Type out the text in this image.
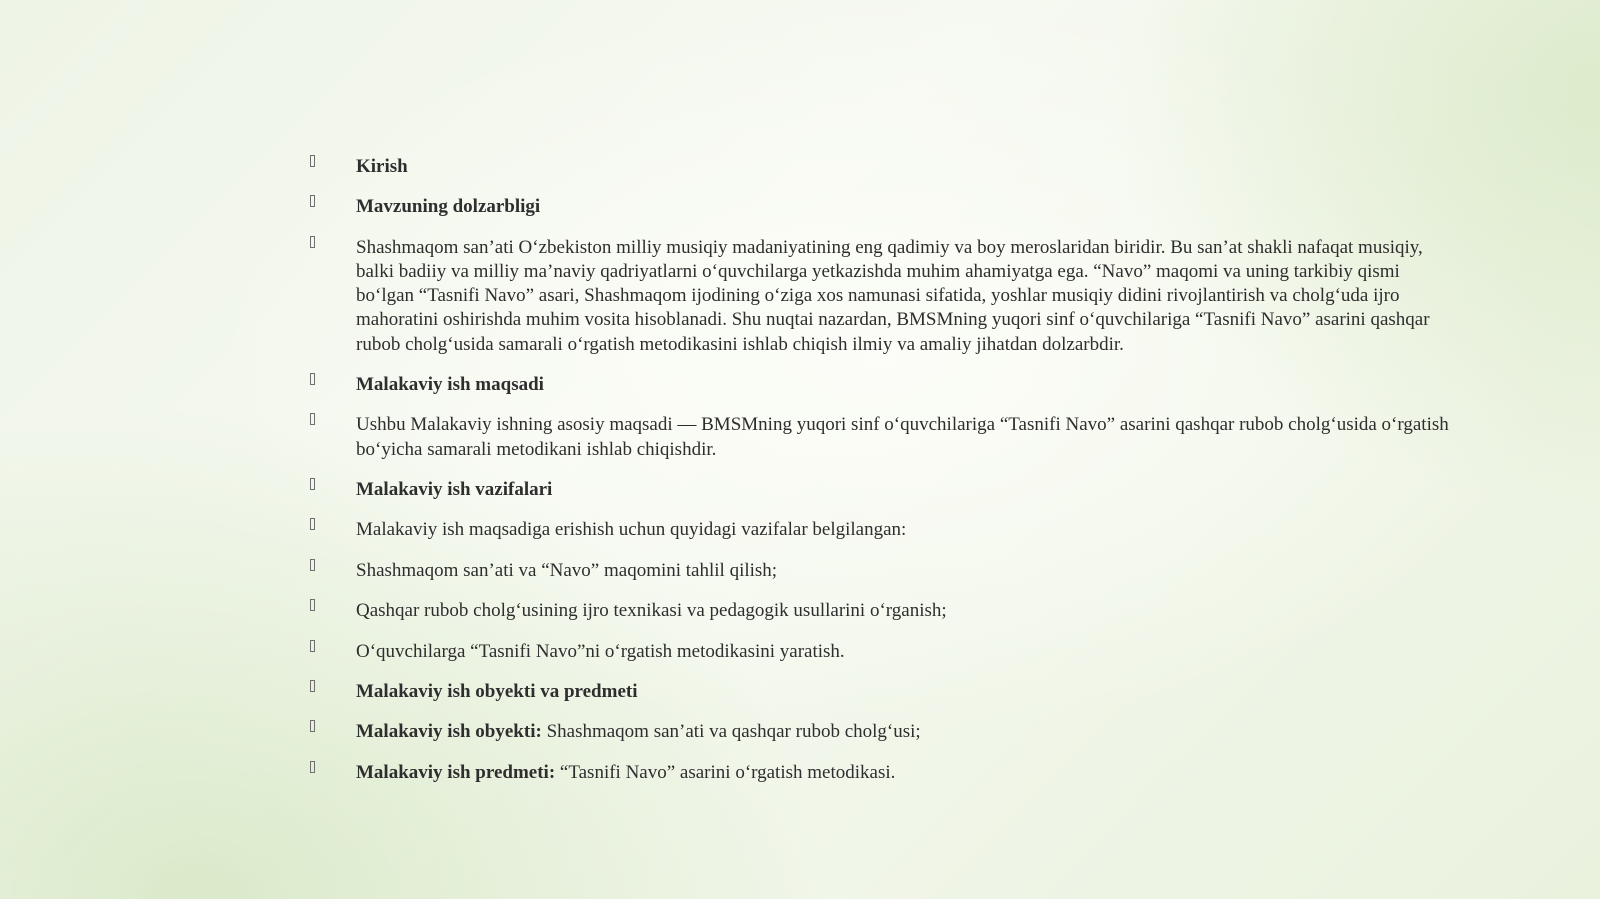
Kirish
Mavzuning dolzarbligi
Shashmaqom san’ati O‘zbekiston milliy musiqiy madaniyatining eng qadimiy va boy meroslaridan biridir. Bu san’at shakli nafaqat musiqiy, balki badiiy va milliy ma’naviy qadriyatlarni o‘quvchilarga yetkazishda muhim ahamiyatga ega. “Navo” maqomi va uning tarkibiy qismi bo‘lgan “Tasnifi Navo” asari, Shashmaqom ijodining o‘ziga xos namunasi sifatida, yoshlar musiqiy didini rivojlantirish va cholg‘uda ijro mahoratini oshirishda muhim vosita hisoblanadi. Shu nuqtai nazardan, BMSMning yuqori sinf o‘quvchilariga “Tasnifi Navo” asarini qashqar rubob cholg‘usida samarali o‘rgatish metodikasini ishlab chiqish ilmiy va amaliy jihatdan dolzarbdir.
Malakaviy ish maqsadi
Ushbu Malakaviy ishning asosiy maqsadi — BMSMning yuqori sinf o‘quvchilariga “Tasnifi Navo” asarini qashqar rubob cholg‘usida o‘rgatish bo‘yicha samarali metodikani ishlab chiqishdir.
Malakaviy ish vazifalari
Malakaviy ish maqsadiga erishish uchun quyidagi vazifalar belgilangan:
Shashmaqom san’ati va “Navo” maqomini tahlil qilish;
Qashqar rubob cholg‘usining ijro texnikasi va pedagogik usullarini o‘rganish;
O‘quvchilarga “Tasnifi Navo”ni o‘rgatish metodikasini yaratish.
Malakaviy ish obyekti va predmeti
Malakaviy ish obyekti: Shashmaqom san’ati va qashqar rubob cholg‘usi;
Malakaviy ish predmeti: “Tasnifi Navo” asarini o‘rgatish metodikasi.
